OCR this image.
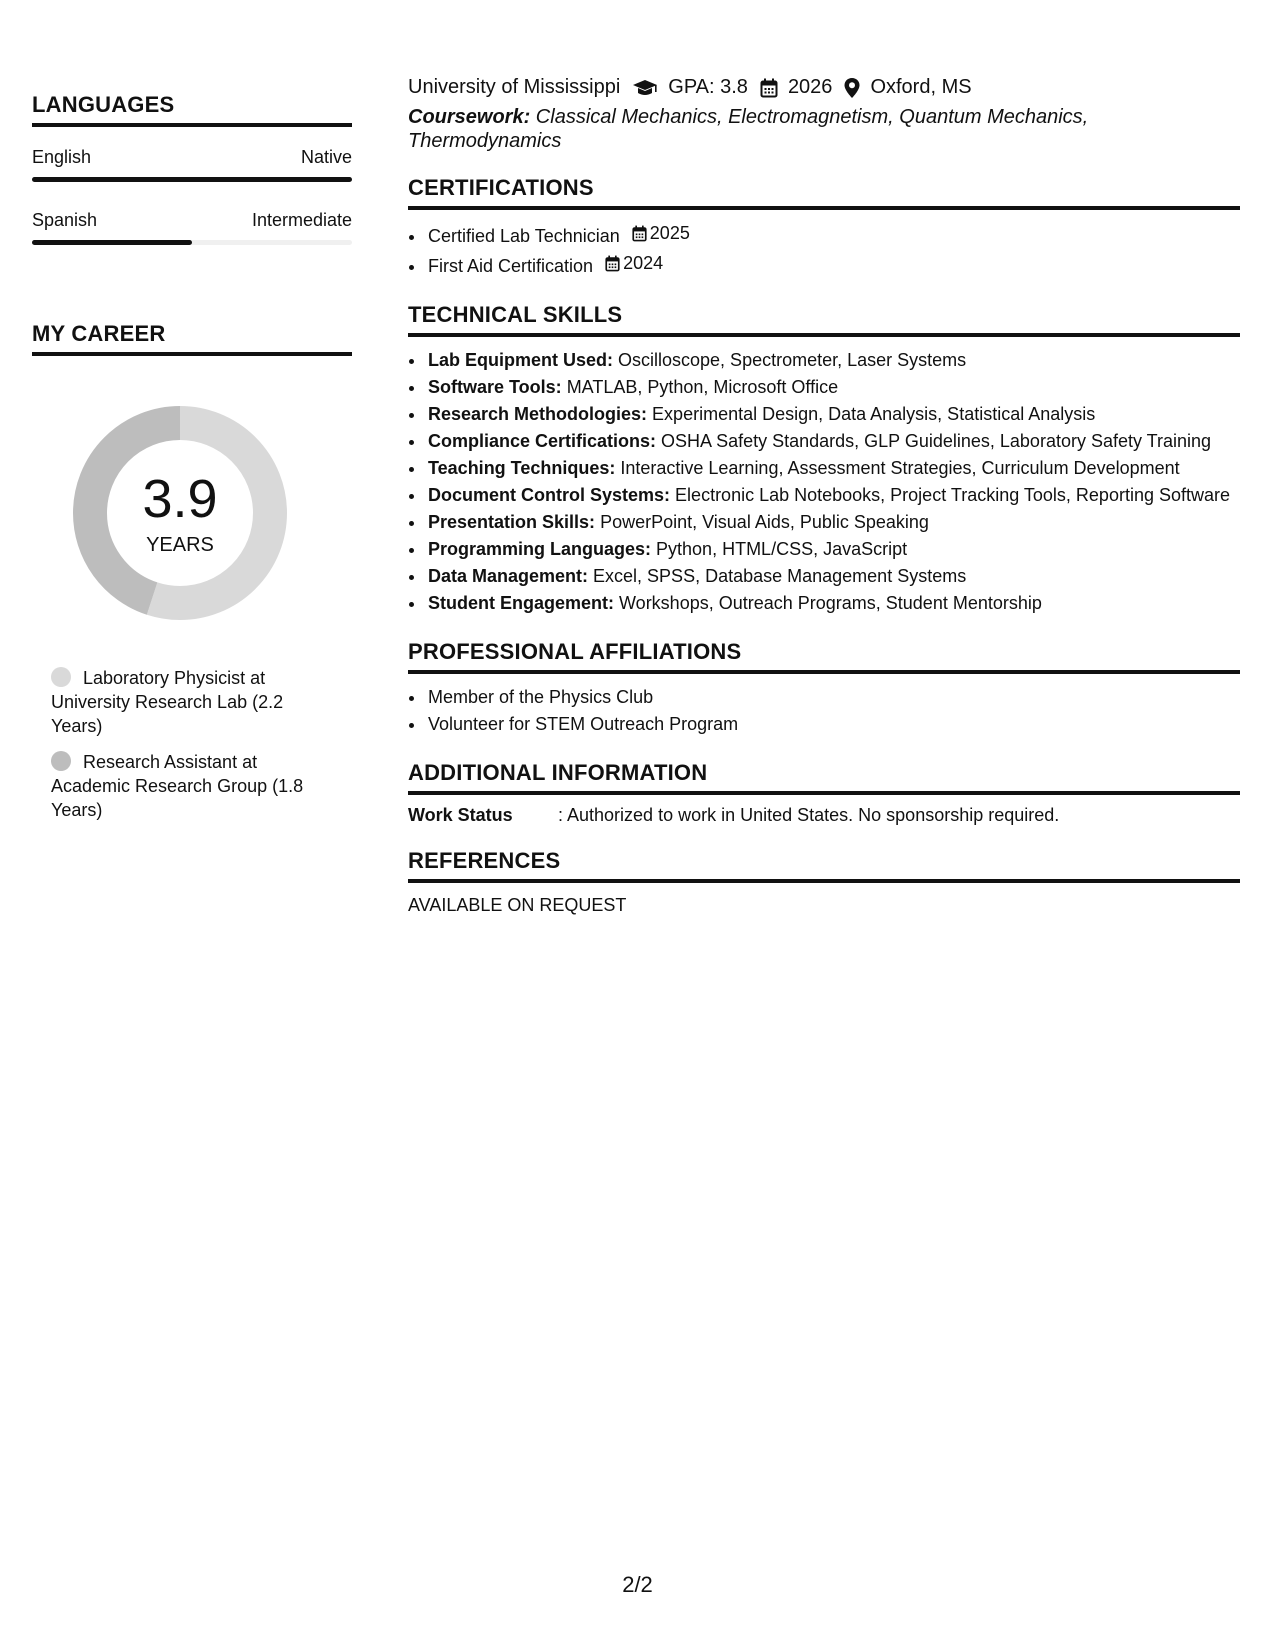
LANGUAGES
English	Native
Spanish	Intermediate
MY CAREER
3.9
YEARS
Laboratory Physicist at University Research Lab (2.2 Years)
Research Assistant at Academic Research Group (1.8 Years)
University of Mississippi GPA: 3.8 2026 Oxford, MS
Coursework: Classical Mechanics, Electromagnetism, Quantum Mechanics, Thermodynamics
CERTIFICATIONS
• Certified Lab Technician 2025
• First Aid Certification 2024
TECHNICAL SKILLS
• Lab Equipment Used: Oscilloscope, Spectrometer, Laser Systems
• Software Tools: MATLAB, Python, Microsoft Office
• Research Methodologies: Experimental Design, Data Analysis, Statistical Analysis
• Compliance Certifications: OSHA Safety Standards, GLP Guidelines, Laboratory Safety Training
• Teaching Techniques: Interactive Learning, Assessment Strategies, Curriculum Development
• Document Control Systems: Electronic Lab Notebooks, Project Tracking Tools, Reporting Software
• Presentation Skills: PowerPoint, Visual Aids, Public Speaking
• Programming Languages: Python, HTML/CSS, JavaScript
• Data Management: Excel, SPSS, Database Management Systems
• Student Engagement: Workshops, Outreach Programs, Student Mentorship
PROFESSIONAL AFFILIATIONS
• Member of the Physics Club
• Volunteer for STEM Outreach Program
ADDITIONAL INFORMATION
Work Status	: Authorized to work in United States. No sponsorship required.
REFERENCES
AVAILABLE ON REQUEST
2/2
